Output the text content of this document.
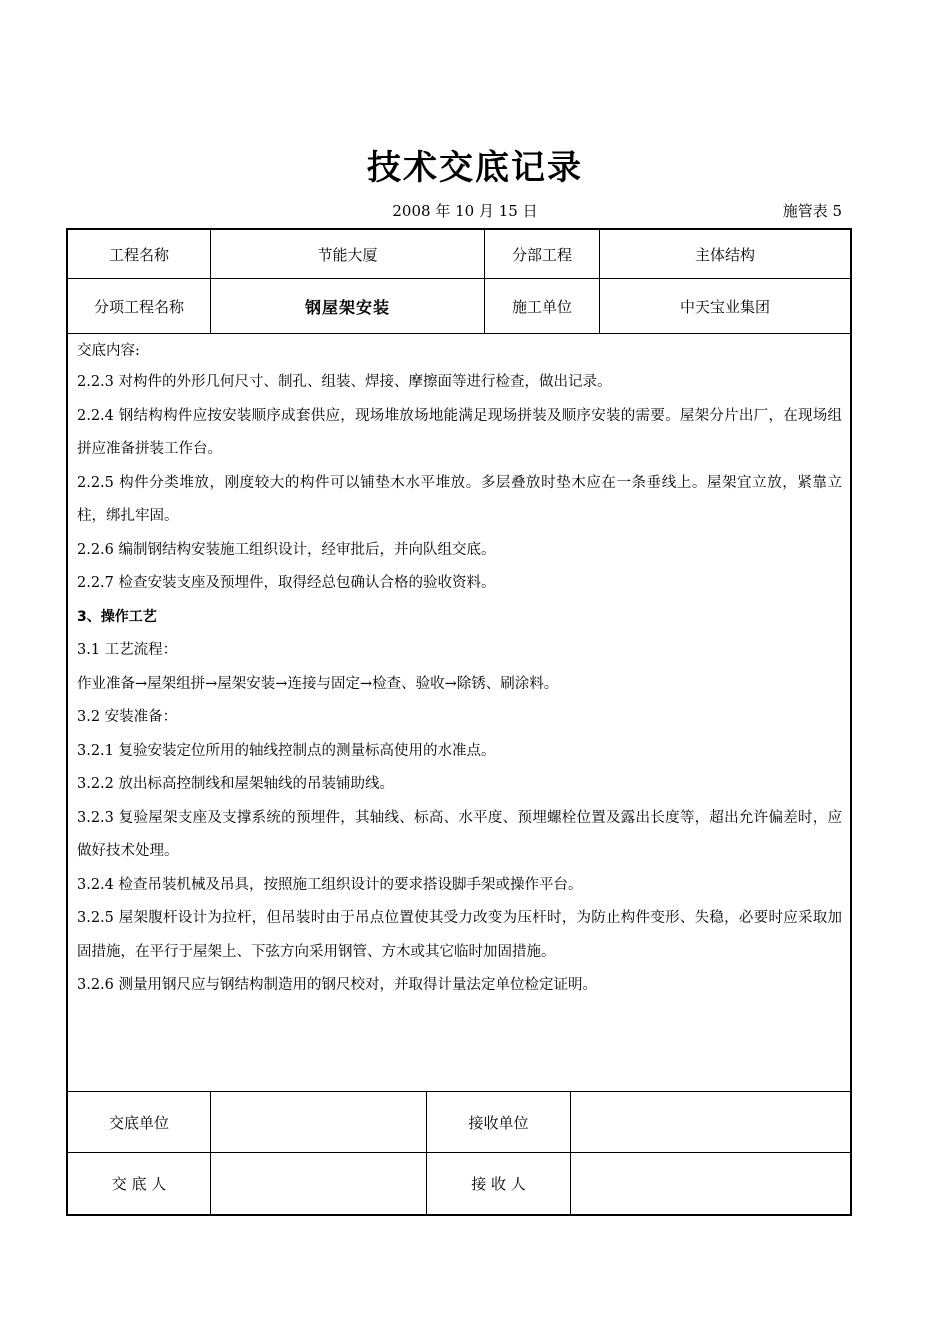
技术交底记录
2008 年 10 月 15 日	施管表 5
工程名称	节能大厦	分部工程	主体结构
分项工程名称	钢屋架安装	施工单位	中天宝业集团

交底内容:

2.2.3 对构件的外形几何尺寸、制孔、组装、焊接、摩擦面等进行检查，做出记录。

2.2.4 钢结构构件应按安装顺序成套供应，现场堆放场地能满足现场拼装及顺序安装的需要。屋架分片出厂，在现场组拼应准备拼装工作台。

2.2.5 构件分类堆放，刚度较大的构件可以铺垫木水平堆放。多层叠放时垫木应在一条垂线上。屋架宜立放，紧靠立柱，绑扎牢固。

2.2.6 编制钢结构安装施工组织设计，经审批后，并向队组交底。

2.2.7 检查安装支座及预埋件，取得经总包确认合格的验收资料。

3、操作工艺

3.1 工艺流程：

作业准备→屋架组拼→屋架安装→连接与固定→检查、验收→除锈、刷涂料。

3.2 安装准备：

3.2.1 复验安装定位所用的轴线控制点的测量标高使用的水准点。

3.2.2 放出标高控制线和屋架轴线的吊装铺助线。

3.2.3 复验屋架支座及支撑系统的预埋件，其轴线、标高、水平度、预埋螺栓位置及露出长度等，超出允许偏差时，应做好技术处理。

3.2.4 检查吊装机械及吊具，按照施工组织设计的要求搭设脚手架或操作平台。

3.2.5 屋架腹杆设计为拉杆，但吊装时由于吊点位置使其受力改变为压杆时，为防止构件变形、失稳，必要时应采取加固措施，在平行于屋架上、下弦方向采用钢管、方木或其它临时加固措施。

3.2.6 测量用钢尺应与钢结构制造用的钢尺校对，并取得计量法定单位检定证明。

交底单位	接收单位
交 底 人	接 收 人
